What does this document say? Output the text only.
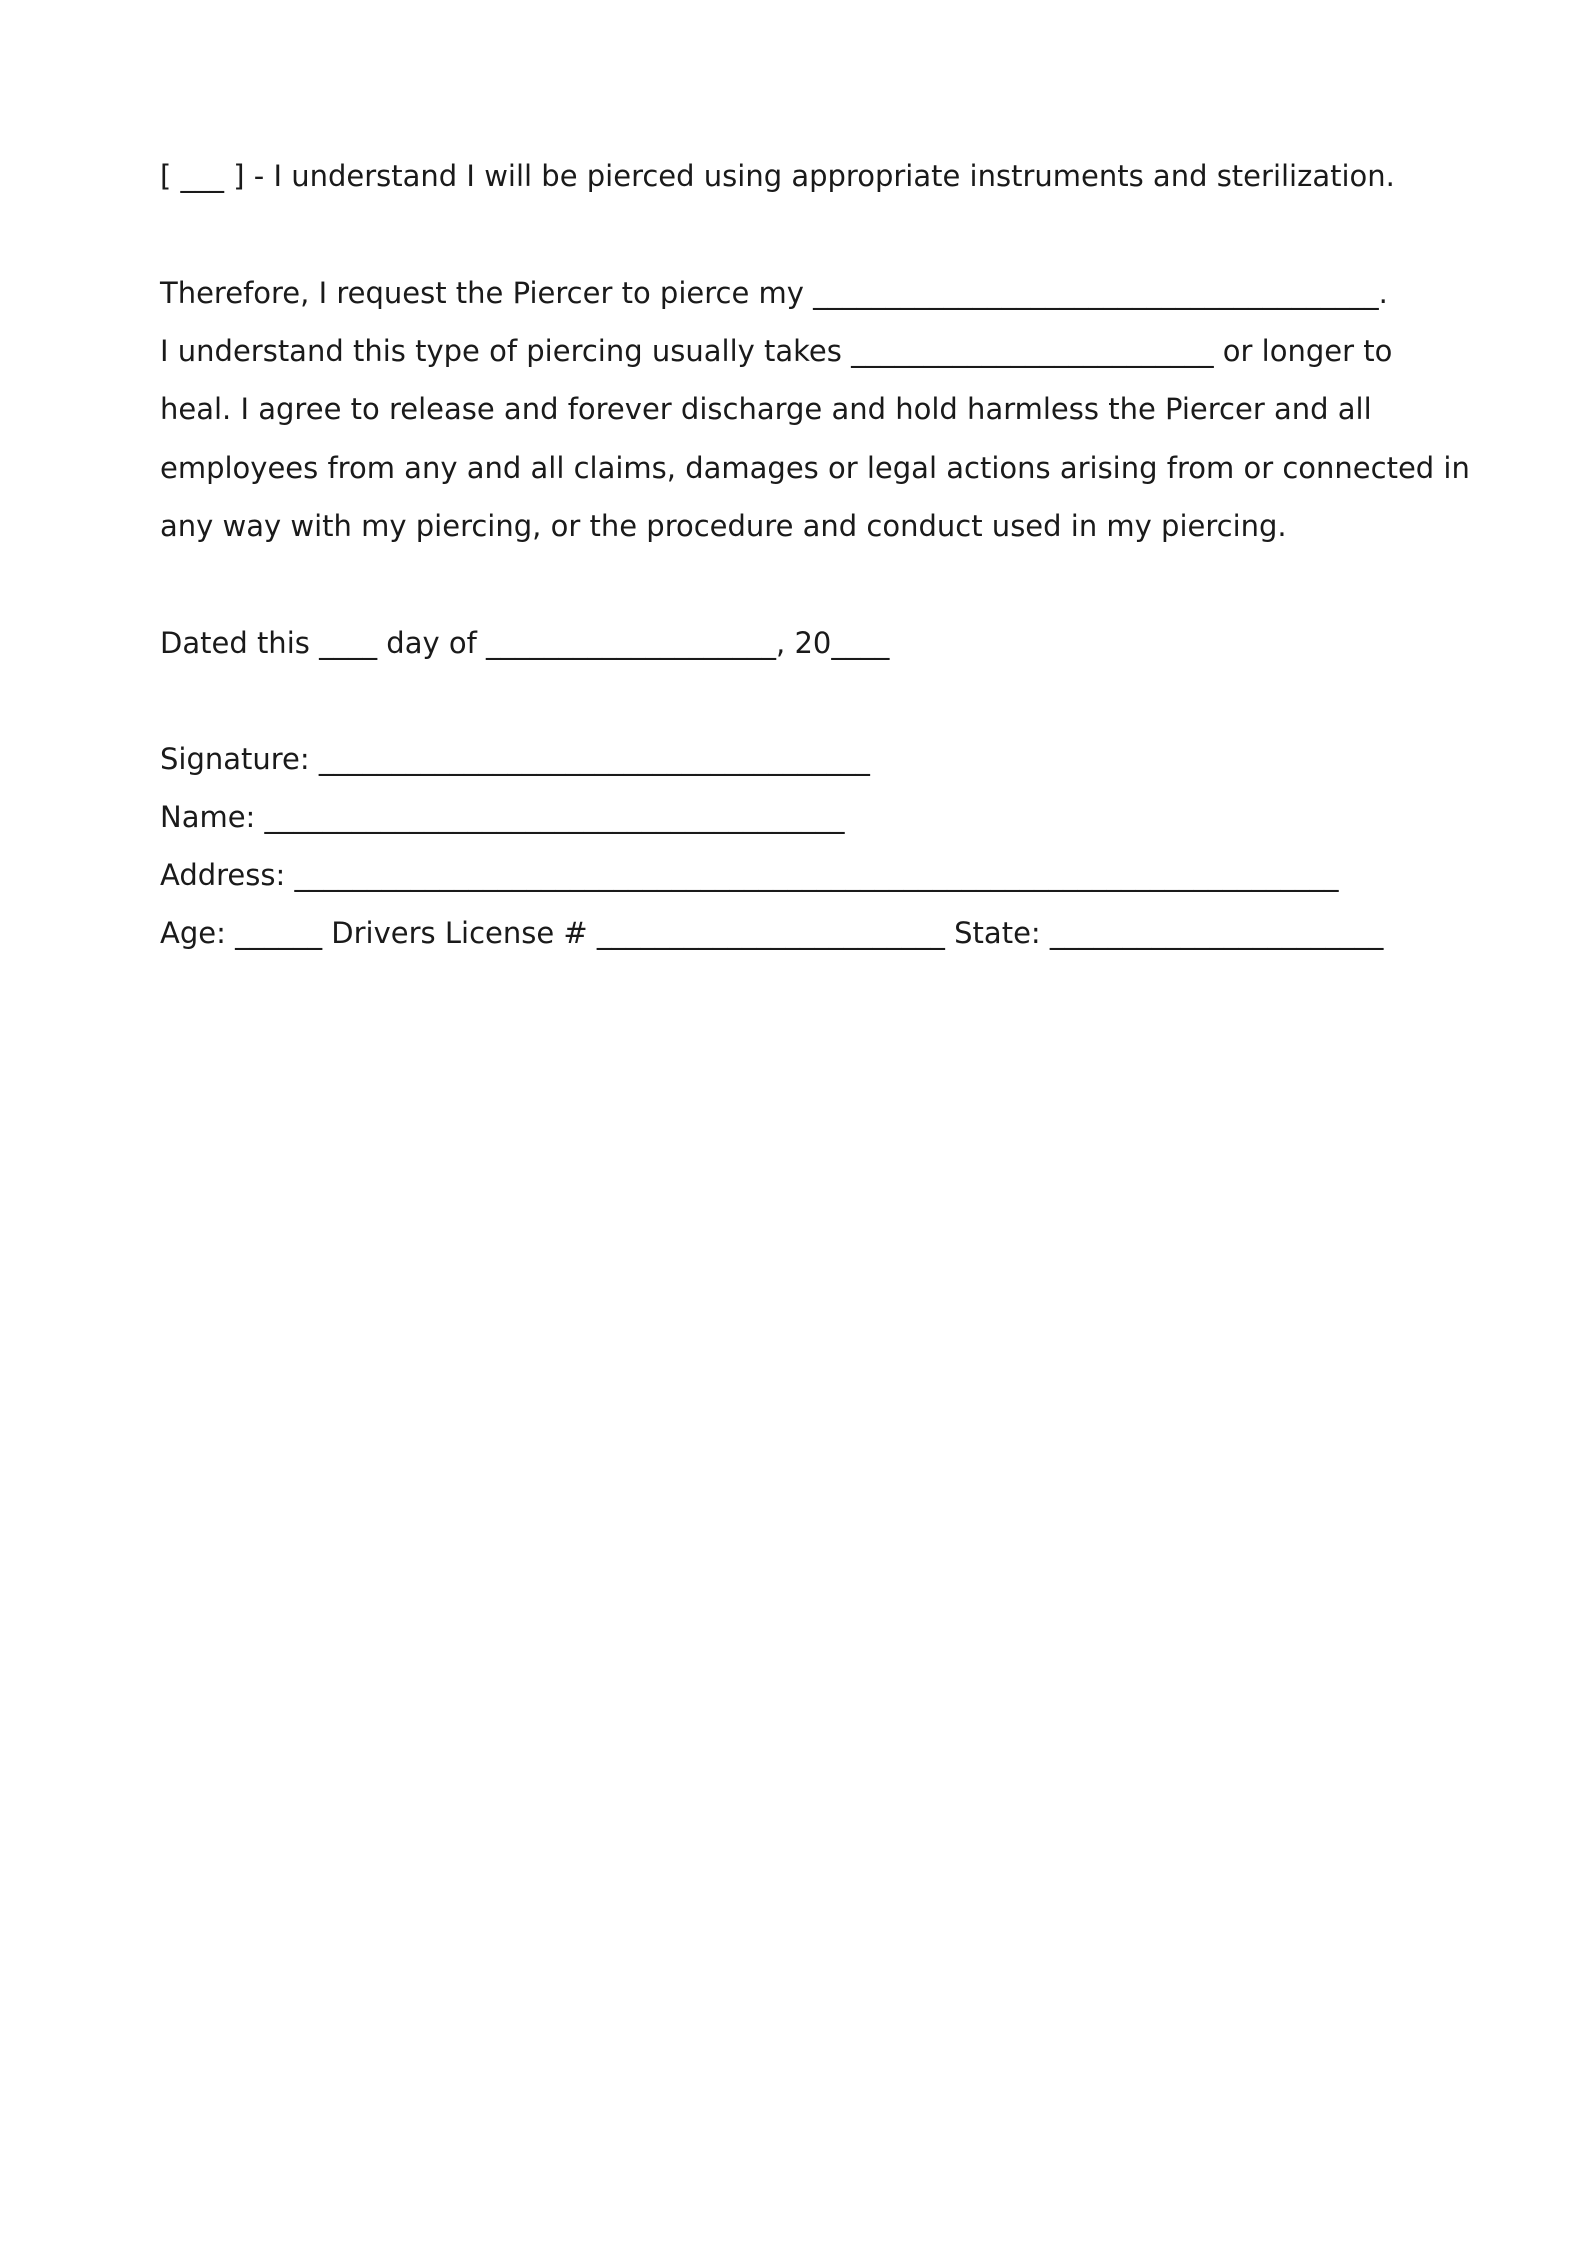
[ ___ ] - I understand I will be pierced using appropriate instruments and sterilization.
Therefore, I request the Piercer to pierce my _______________________________________.
I understand this type of piercing usually takes _________________________ or longer to
heal. I agree to release and forever discharge and hold harmless the Piercer and all
employees from any and all claims, damages or legal actions arising from or connected in
any way with my piercing, or the procedure and conduct used in my piercing.
Dated this ____ day of ____________________, 20____
Signature: ______________________________________
Name: ________________________________________
Address: ________________________________________________________________________
Age: ______ Drivers License # ________________________ State: _______________________
